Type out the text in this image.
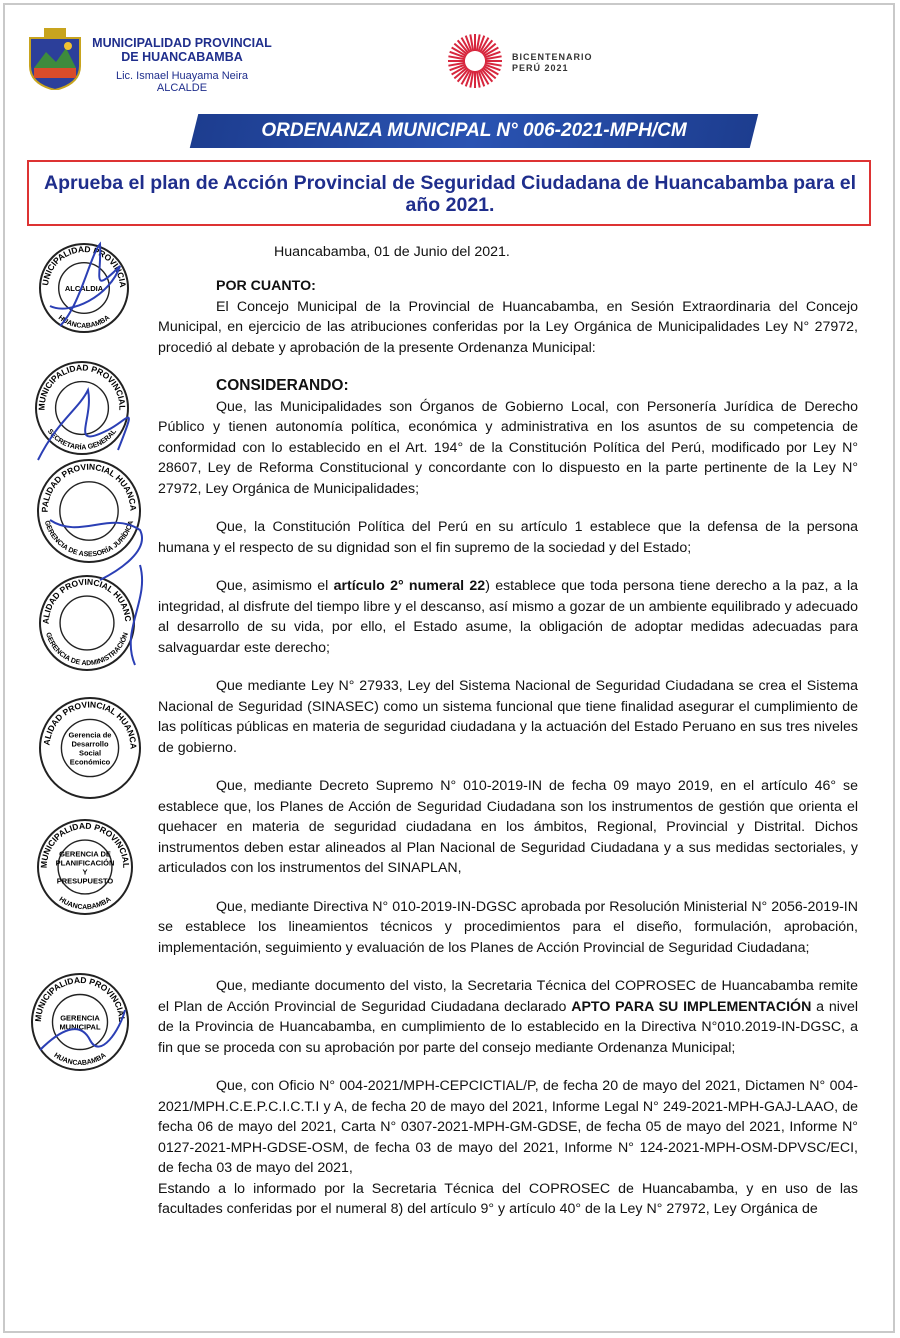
MUNICIPALIDAD PROVINCIAL
DE HUANCABAMBA
Lic. Ismael Huayama Neira
ALCALDE
BICENTENARIO
PERÚ 2021
ORDENANZA MUNICIPAL N° 006-2021-MPH/CM
Aprueba el plan de Acción Provincial de Seguridad Ciudadana de Huancabamba para el año 2021.
Huancabamba, 01 de Junio del 2021.

POR CUANTO:

El Concejo Municipal de la Provincial de Huancabamba, en Sesión Extraordinaria del Concejo Municipal, en ejercicio de las atribuciones conferidas por la Ley Orgánica de Municipalidades Ley N° 27972, procedió al debate y aprobación de la presente Ordenanza Municipal:

CONSIDERANDO:

Que, las Municipalidades son Órganos de Gobierno Local, con Personería Jurídica de Derecho Público y tienen autonomía política, económica y administrativa en los asuntos de su competencia de conformidad con lo establecido en el Art. 194° de la Constitución Política del Perú, modificado por Ley N° 28607, Ley de Reforma Constitucional y concordante con lo dispuesto en la parte pertinente de la Ley N° 27972, Ley Orgánica de Municipalidades;

Que, la Constitución Política del Perú en su artículo 1 establece que la defensa de la persona humana y el respecto de su dignidad son el fin supremo de la sociedad y del Estado;

Que, asimismo el artículo 2° numeral 22) establece que toda persona tiene derecho a la paz, a la integridad, al disfrute del tiempo libre y el descanso, así mismo a gozar de un ambiente equilibrado y adecuado al desarrollo de su vida, por ello, el Estado asume, la obligación de adoptar medidas adecuadas para salvaguardar este derecho;

Que mediante Ley N° 27933, Ley del Sistema Nacional de Seguridad Ciudadana se crea el Sistema Nacional de Seguridad (SINASEC) como un sistema funcional que tiene finalidad asegurar el cumplimiento de las políticas públicas en materia de seguridad ciudadana y la actuación del Estado Peruano en sus tres niveles de gobierno.

Que, mediante Decreto Supremo N° 010-2019-IN de fecha 09 mayo 2019, en el artículo 46° se establece que, los Planes de Acción de Seguridad Ciudadana son los instrumentos de gestión que orienta el quehacer en materia de seguridad ciudadana en los ámbitos, Regional, Provincial y Distrital. Dichos instrumentos deben estar alineados al Plan Nacional de Seguridad Ciudadana y a sus medidas sectoriales, y articulados con los instrumentos del SINAPLAN,

Que, mediante Directiva N° 010-2019-IN-DGSC aprobada por Resolución Ministerial N° 2056-2019-IN se establece los lineamientos técnicos y procedimientos para el diseño, formulación, aprobación, implementación, seguimiento y evaluación de los Planes de Acción Provincial de Seguridad Ciudadana;

Que, mediante documento del visto, la Secretaria Técnica del COPROSEC de Huancabamba remite el Plan de Acción Provincial de Seguridad Ciudadana declarado APTO PARA SU IMPLEMENTACIÓN a nivel de la Provincia de Huancabamba, en cumplimiento de lo establecido en la Directiva N°010.2019-IN-DGSC, a fin que se proceda con su aprobación por parte del consejo mediante Ordenanza Municipal;

Que, con Oficio N° 004-2021/MPH-CEPCICTIAL/P, de fecha 20 de mayo del 2021, Dictamen N° 004-2021/MPH.C.E.P.C.I.C.T.I y A, de fecha 20 de mayo del 2021, Informe Legal N° 249-2021-MPH-GAJ-LAAO, de fecha 06 de mayo del 2021, Carta N° 0307-2021-MPH-GM-GDSE, de fecha 05 de mayo del 2021, Informe N° 0127-2021-MPH-GDSE-OSM, de fecha 03 de mayo del 2021, Informe N° 124-2021-MPH-OSM-DPVSC/ECI, de fecha 03 de mayo del 2021,

Estando a lo informado por la Secretaria Técnica del COPROSEC de Huancabamba, y en uso de las facultades conferidas por el numeral 8) del artículo 9° y artículo 40° de la Ley N° 27972, Ley Orgánica de

UNICIPALIDAD PROVINCIA
HUANCABAMBA
ALCALDIA
MUNICIPALIDAD PROVINCIAL
SECRETARÍA GENERAL
PALIDAD PROVINCIAL HUANCA
GERENCIA DE ASESORÍA JURÍDICA
ALIDAD PROVINCIAL HUANC
GERENCIA DE ADMINISTRACIÓN
ALIDAD PROVINCIAL HUANCA
Gerencia de
Desarrollo
Social
Económico
MUNICIPALIDAD PROVINCIAL
HUANCABAMBA
GERENCIA DE
PLANIFICACIÓN
Y
PRESUPUESTO
MUNICIPALIDAD PROVINCIAL
HUANCABAMBA
GERENCIA
MUNICIPAL
